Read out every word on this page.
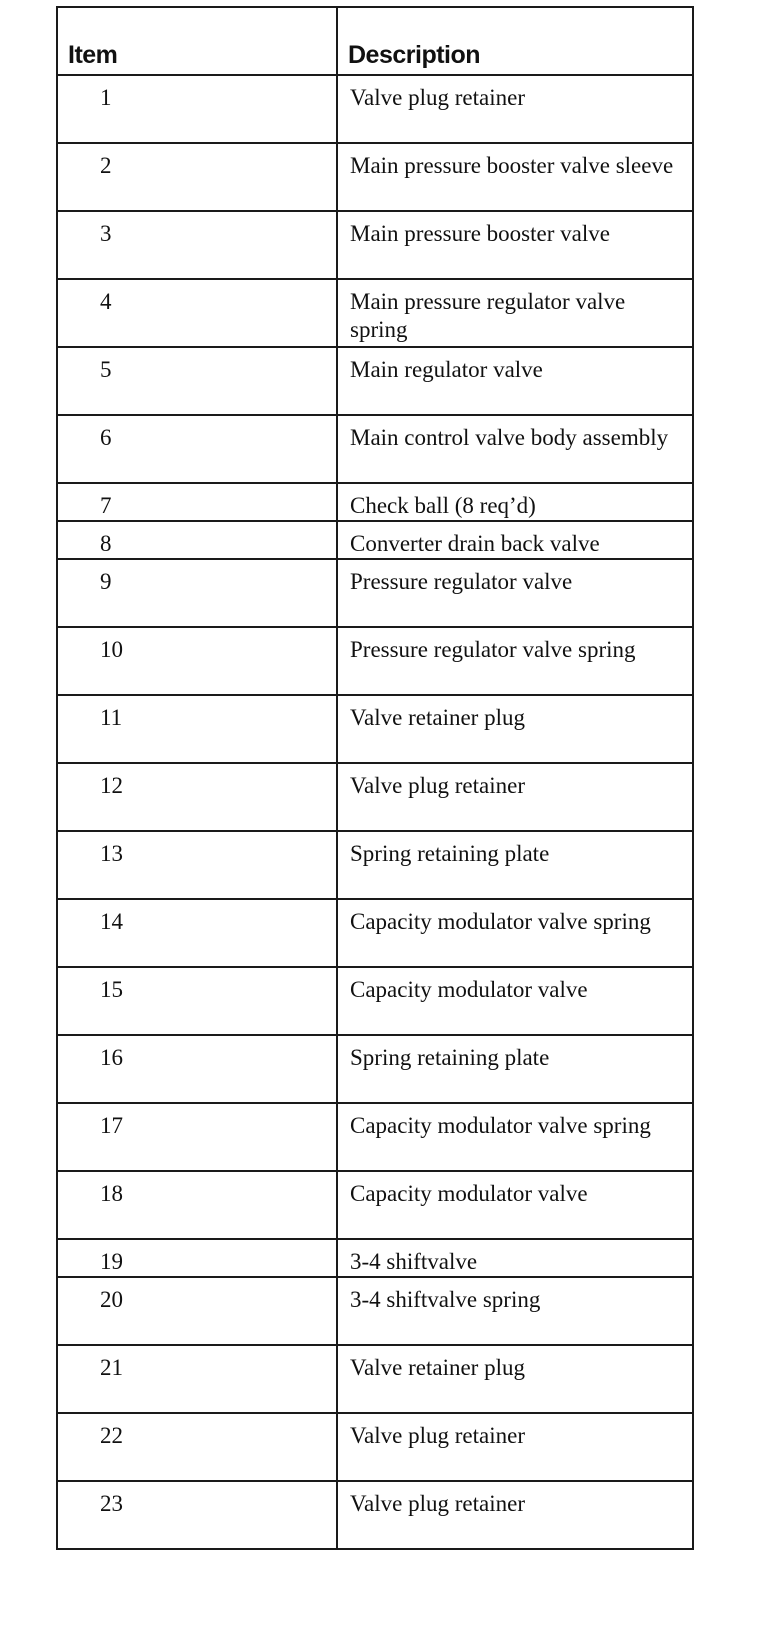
Item	Description
1	Valve plug retainer
2	Main pressure booster valve sleeve
3	Main pressure booster valve
4	Main pressure regulator valve spring
5	Main regulator valve
6	Main control valve body assembly
7	Check ball (8 req’d)
8	Converter drain back valve
9	Pressure regulator valve
10	Pressure regulator valve spring
11	Valve retainer plug
12	Valve plug retainer
13	Spring retaining plate
14	Capacity modulator valve spring
15	Capacity modulator valve
16	Spring retaining plate
17	Capacity modulator valve spring
18	Capacity modulator valve
19	3-4 shiftvalve
20	3-4 shiftvalve spring
21	Valve retainer plug
22	Valve plug retainer
23	Valve plug retainer
